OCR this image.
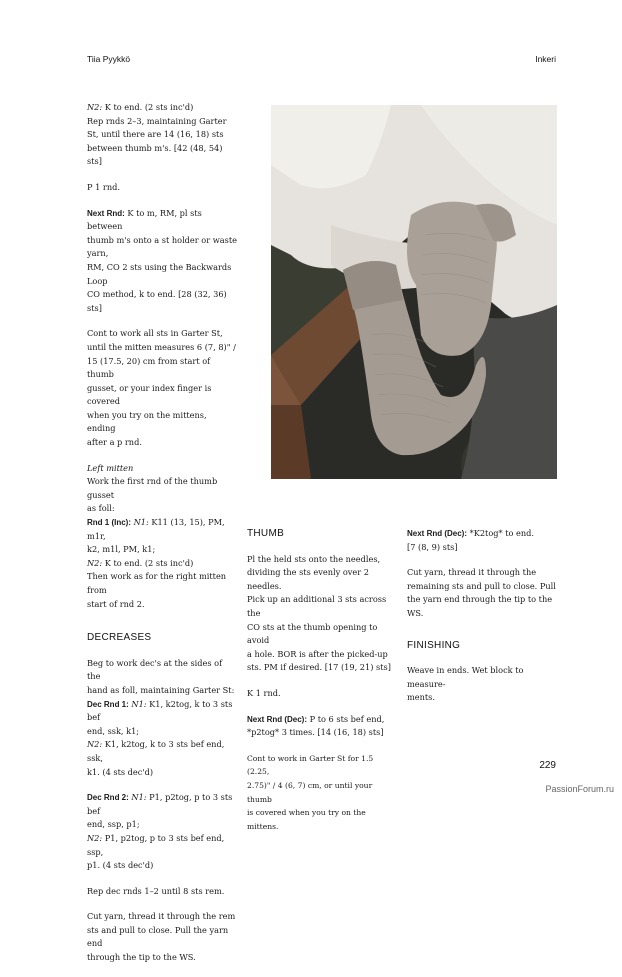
Tiia Pyykkö	Inkeri

N2: K to end. (2 sts inc'd)
Rep rnds 2–3, maintaining Garter
St, until there are 14 (16, 18) sts
between thumb m's. [42 (48, 54) sts]

P 1 rnd.

Next Rnd: K to m, RM, pl sts between
thumb m's onto a st holder or waste yarn,
RM, CO 2 sts using the Backwards Loop
CO method, k to end. [28 (32, 36) sts]

Cont to work all sts in Garter St,
until the mitten measures 6 (7, 8)" /
15 (17.5, 20) cm from start of thumb
gusset, or your index finger is covered
when you try on the mittens, ending
after a p rnd.

Left mitten
Work the first rnd of the thumb gusset
as foll:
Rnd 1 (Inc): N1: K11 (13, 15), PM, m1r,
k2, m1l, PM, k1;
N2: K to end. (2 sts inc'd)
Then work as for the right mitten from
start of rnd 2.

DECREASES

Beg to work dec's at the sides of the
hand as foll, maintaining Garter St:
Dec Rnd 1: N1: K1, k2tog, k to 3 sts bef
end, ssk, k1;
N2: K1, k2tog, k to 3 sts bef end, ssk,
k1. (4 sts dec'd)

Dec Rnd 2: N1: P1, p2tog, p to 3 sts bef
end, ssp, p1;
N2: P1, p2tog, p to 3 sts bef end, ssp,
p1. (4 sts dec'd)

Rep dec rnds 1–2 until 8 sts rem.

Cut yarn, thread it through the rem
sts and pull to close. Pull the yarn end
through the tip to the WS.

THUMB

Pl the held sts onto the needles,
dividing the sts evenly over 2 needles.
Pick up an additional 3 sts across the
CO sts at the thumb opening to avoid
a hole. BOR is after the picked-up
sts. PM if desired. [17 (19, 21) sts]

K 1 rnd.

Next Rnd (Dec): P to 6 sts bef end,
*p2tog* 3 times. [14 (16, 18) sts]

Cont to work in Garter St for 1.5 (2.25,
2.75)" / 4 (6, 7) cm, or until your thumb
is covered when you try on the mittens.

Next Rnd (Dec): *K2tog* to end.
[7 (8, 9) sts]

Cut yarn, thread it through the
remaining sts and pull to close. Pull
the yarn end through the tip to the WS.

FINISHING

Weave in ends. Wet block to measure-
ments.

229
PassionForum.ru
